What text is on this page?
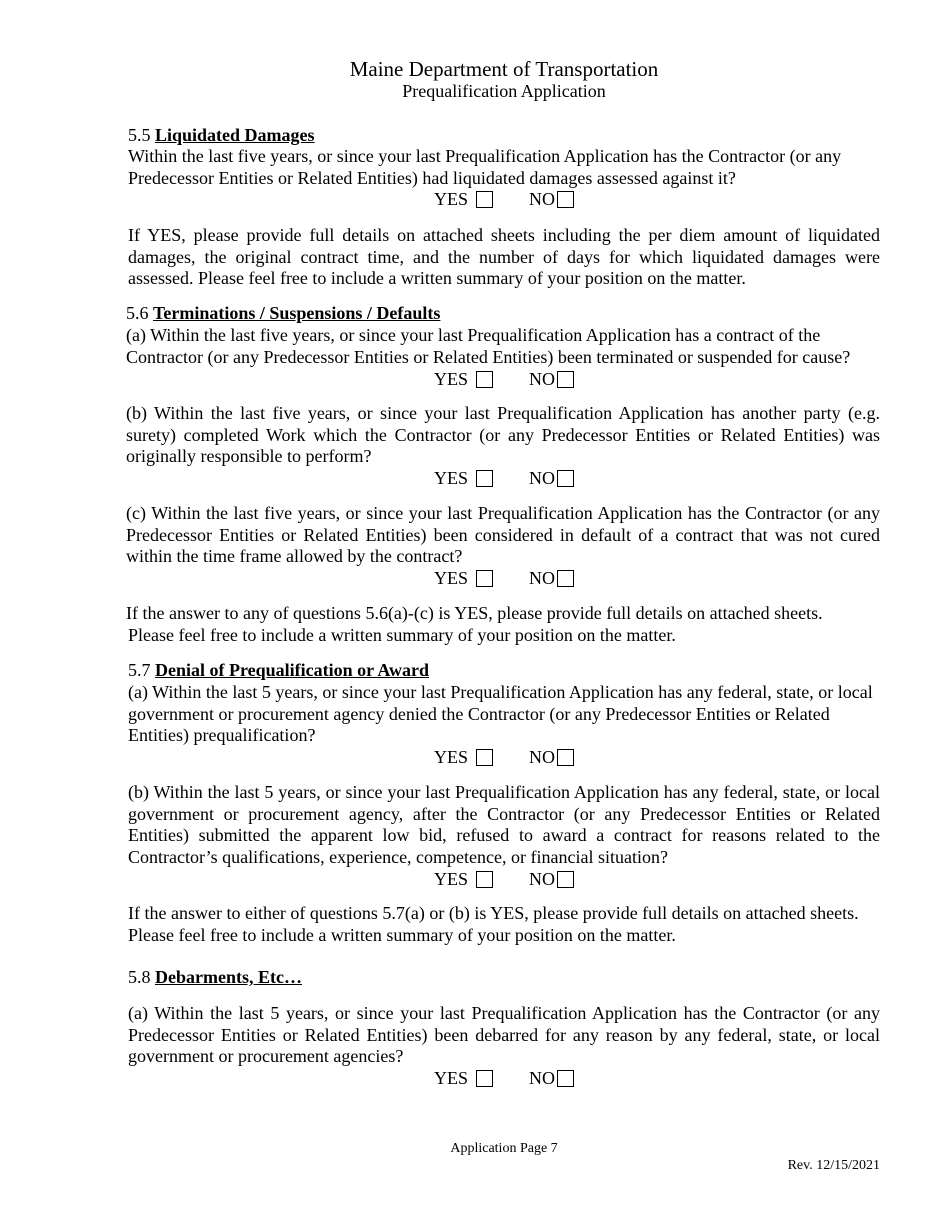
Maine Department of Transportation
Prequalification Application
5.5 Liquidated Damages
Within the last five years, or since your last Prequalification Application has the Contractor (or any Predecessor Entities or Related Entities) had liquidated damages assessed against it?
YES	NO
If YES, please provide full details on attached sheets including the per diem amount of liquidated damages, the original contract time, and the number of days for which liquidated damages were assessed. Please feel free to include a written summary of your position on the matter.
5.6 Terminations / Suspensions / Defaults
(a) Within the last five years, or since your last Prequalification Application has a contract of the Contractor (or any Predecessor Entities or Related Entities) been terminated or suspended for cause?
YES	NO
(b) Within the last five years, or since your last Prequalification Application has another party (e.g. surety) completed Work which the Contractor (or any Predecessor Entities or Related Entities) was originally responsible to perform?
YES	NO
(c) Within the last five years, or since your last Prequalification Application has the Contractor (or any Predecessor Entities or Related Entities) been considered in default of a contract that was not cured within the time frame allowed by the contract?
YES	NO
If the answer to any of questions 5.6(a)-(c) is YES, please provide full details on attached sheets.
Please feel free to include a written summary of your position on the matter.
5.7 Denial of Prequalification or Award
(a) Within the last 5 years, or since your last Prequalification Application has any federal, state, or local government or procurement agency denied the Contractor (or any Predecessor Entities or Related Entities) prequalification?
YES	NO
(b) Within the last 5 years, or since your last Prequalification Application has any federal, state, or local government or procurement agency, after the Contractor (or any Predecessor Entities or Related Entities) submitted the apparent low bid, refused to award a contract for reasons related to the Contractor’s qualifications, experience, competence, or financial situation?
YES	NO
If the answer to either of questions 5.7(a) or (b) is YES, please provide full details on attached sheets. Please feel free to include a written summary of your position on the matter.
5.8 Debarments, Etc…
(a) Within the last 5 years, or since your last Prequalification Application has the Contractor (or any Predecessor Entities or Related Entities) been debarred for any reason by any federal, state, or local government or procurement agencies?
YES	NO
Application Page 7
Rev. 12/15/2021
